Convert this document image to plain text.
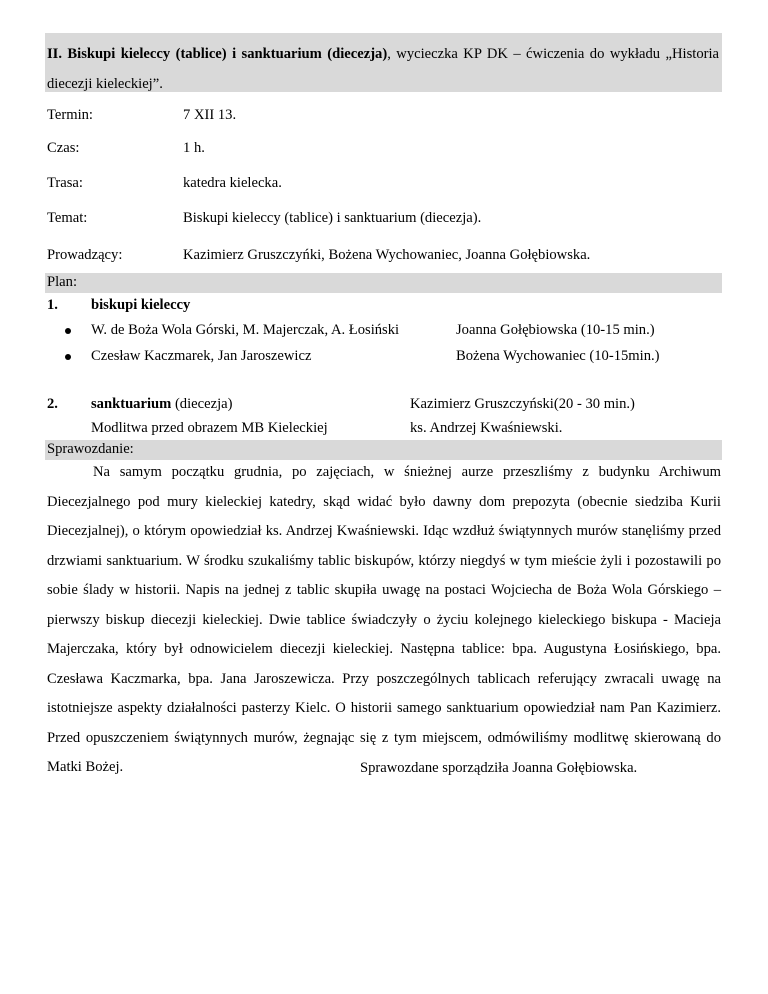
II. Biskupi kieleccy (tablice) i sanktuarium (diecezja), wycieczka KP DK – ćwiczenia do wykładu „Historia diecezji kieleckiej”.
Termin:	7 XII 13.
Czas:	1 h.
Trasa:	katedra kielecka.
Temat:	Biskupi kieleccy (tablice) i sanktuarium (diecezja).
Prowadzący:	Kazimierz Gruszczyńki, Bożena Wychowaniec, Joanna Gołębiowska.
Plan:
1. biskupi kieleccy
W. de Boża Wola Górski, M. Majerczak, A. Łosiński	Joanna Gołębiowska (10-15 min.)
Czesław Kaczmarek, Jan Jaroszewicz	Bożena Wychowaniec (10-15min.)
2. sanktuarium (diecezja)	Kazimierz Gruszczyński(20 - 30 min.)
Modlitwa przed obrazem MB Kieleckiej	ks. Andrzej Kwaśniewski.
Sprawozdanie:
Na samym początku grudnia, po zajęciach, w śnieżnej aurze przeszliśmy z budynku Archiwum Diecezjalnego pod mury kieleckiej katedry, skąd widać było dawny dom prepozyta (obecnie siedziba Kurii Diecezjalnej), o którym opowiedział ks. Andrzej Kwaśniewski. Idąc wzdłuż świątynnych murów stanęliśmy przed drzwiami sanktuarium. W środku szukaliśmy tablic biskupów, którzy niegdyś w tym mieście żyli i pozostawili po sobie ślady w historii. Napis na jednej z tablic skupiła uwagę na postaci Wojciecha de Boża Wola Górskiego – pierwszy biskup diecezji kieleckiej. Dwie tablice świadczyły o życiu kolejnego kieleckiego biskupa - Macieja Majerczaka, który był odnowicielem diecezji kieleckiej. Następna tablice: bpa. Augustyna Łosińskiego, bpa. Czesława Kaczmarka, bpa. Jana Jaroszewicza. Przy poszczególnych tablicach referujący zwracali uwagę na istotniejsze aspekty działalności pasterzy Kielc. O historii samego sanktuarium opowiedział nam Pan Kazimierz. Przed opuszczeniem świątynnych murów, żegnając się z tym miejscem, odmówiliśmy modlitwę skierowaną do Matki Bożej.	Sprawozdane sporządziła Joanna Gołębiowska.
